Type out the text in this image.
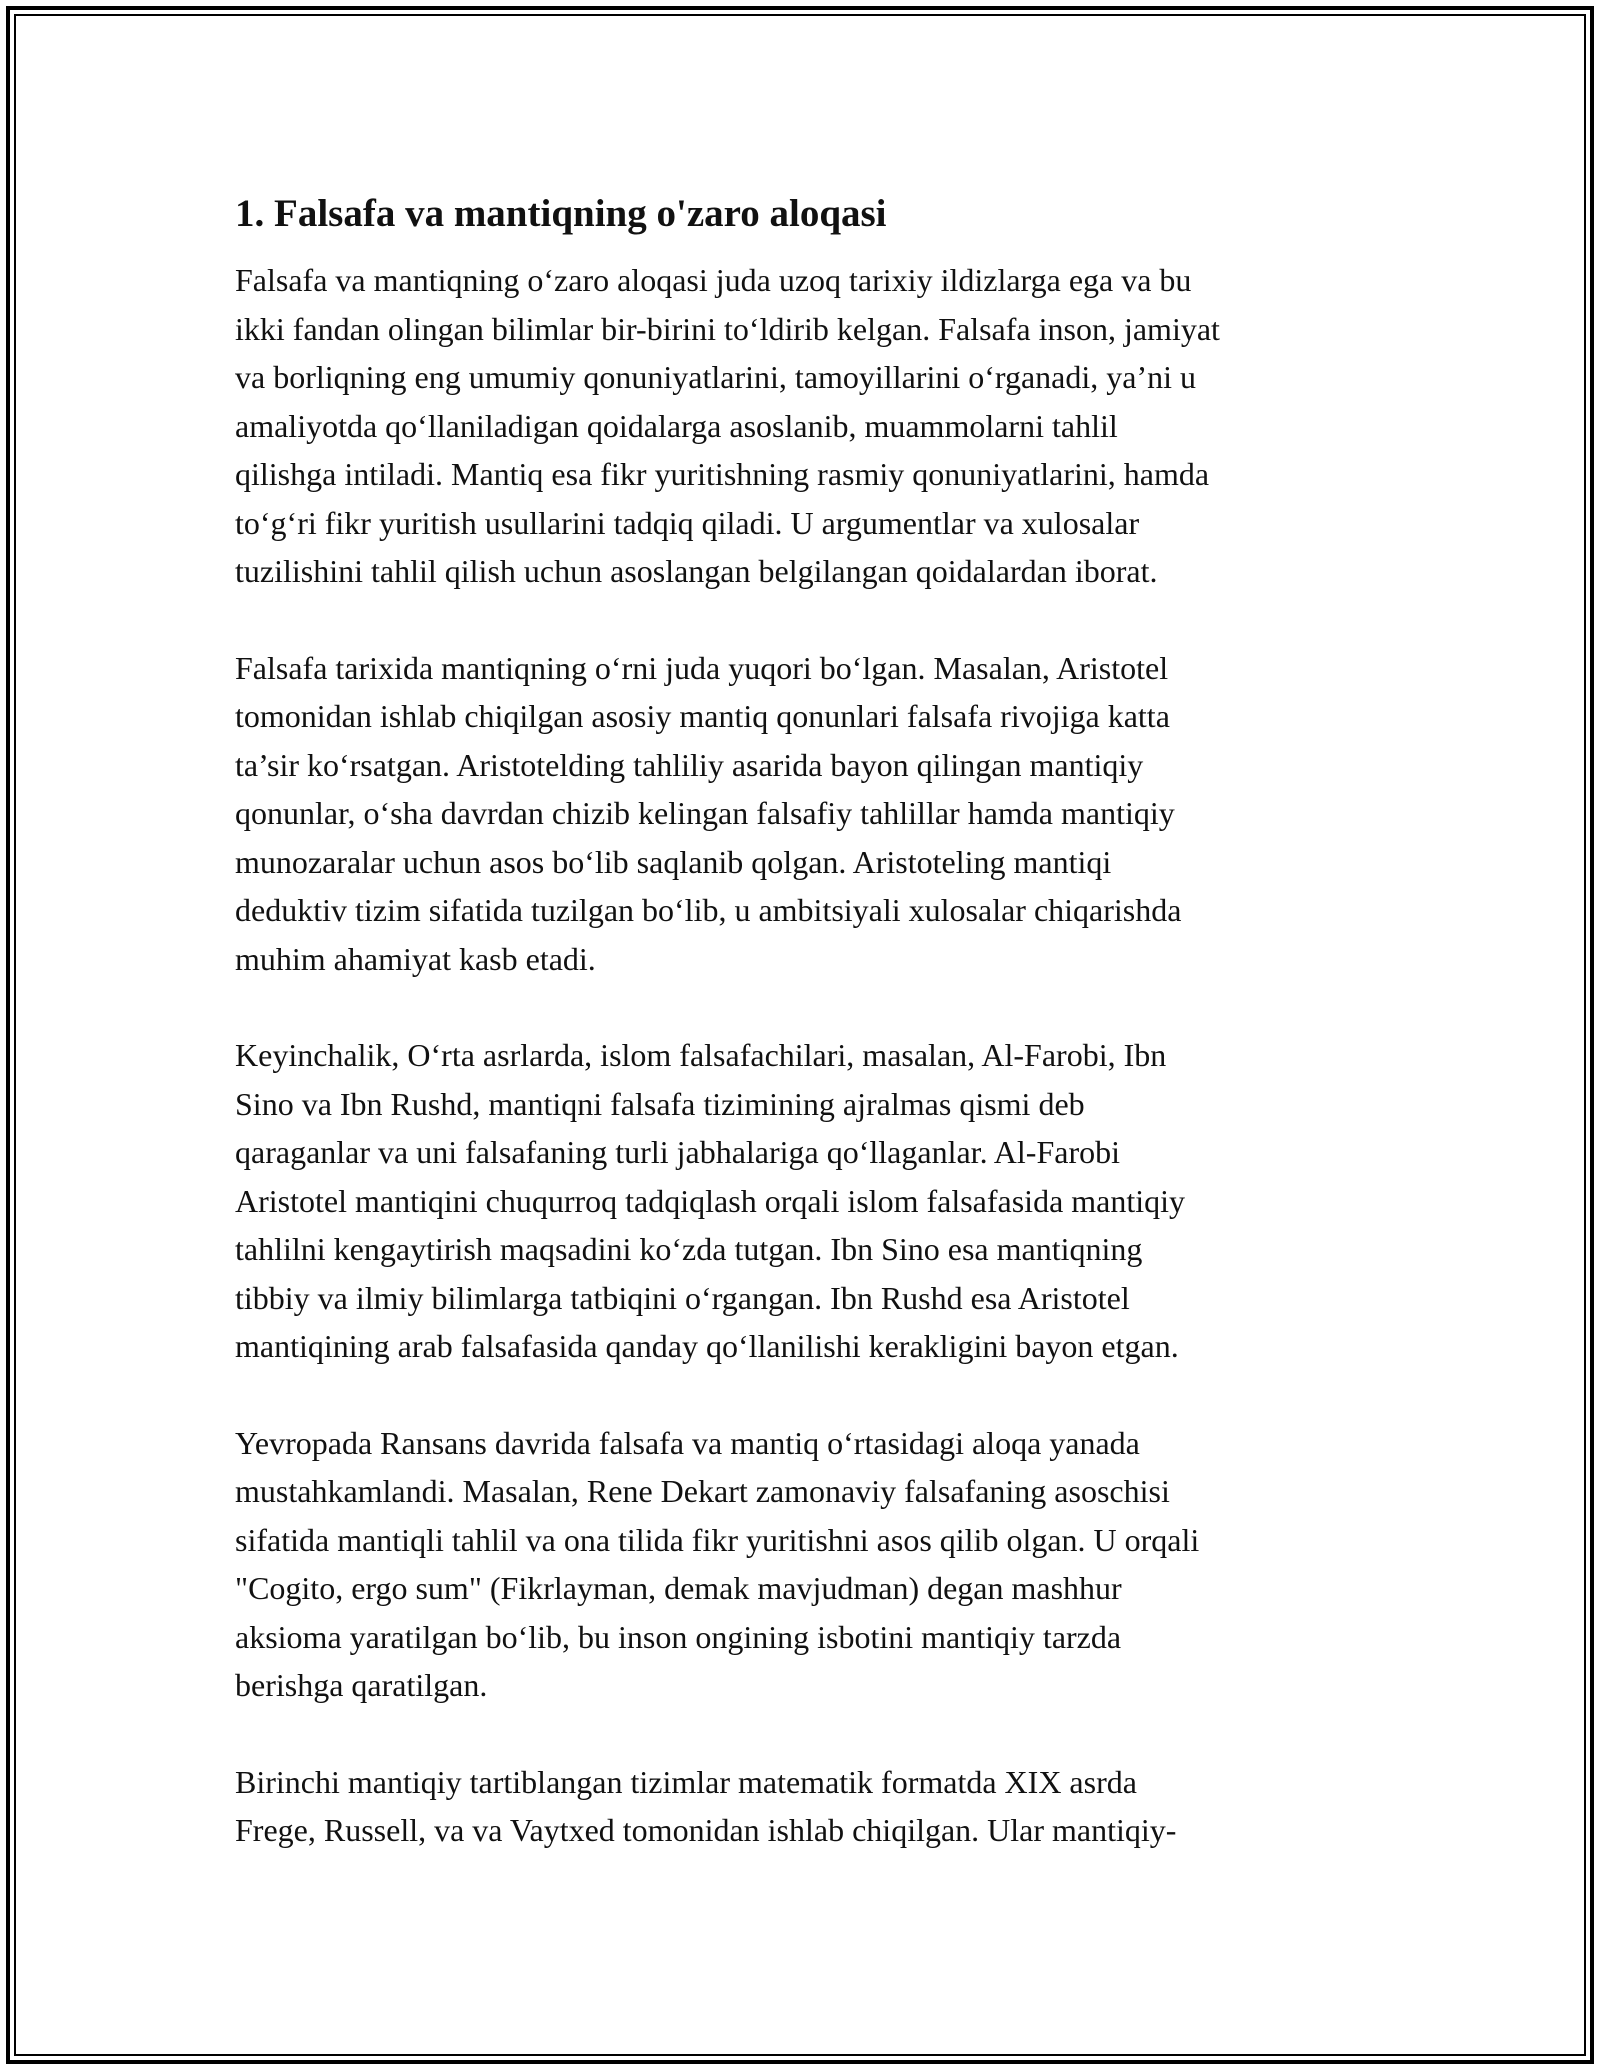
1. Falsafa va mantiqning o'zaro aloqasi

Falsafa va mantiqning o‘zaro aloqasi juda uzoq tarixiy ildizlarga ega va bu
ikki fandan olingan bilimlar bir-birini to‘ldirib kelgan. Falsafa inson, jamiyat
va borliqning eng umumiy qonuniyatlarini, tamoyillarini o‘rganadi, ya’ni u
amaliyotda qo‘llaniladigan qoidalarga asoslanib, muammolarni tahlil
qilishga intiladi. Mantiq esa fikr yuritishning rasmiy qonuniyatlarini, hamda
to‘g‘ri fikr yuritish usullarini tadqiq qiladi. U argumentlar va xulosalar
tuzilishini tahlil qilish uchun asoslangan belgilangan qoidalardan iborat.

Falsafa tarixida mantiqning o‘rni juda yuqori bo‘lgan. Masalan, Aristotel
tomonidan ishlab chiqilgan asosiy mantiq qonunlari falsafa rivojiga katta
ta’sir ko‘rsatgan. Aristotelding tahliliy asarida bayon qilingan mantiqiy
qonunlar, o‘sha davrdan chizib kelingan falsafiy tahlillar hamda mantiqiy
munozaralar uchun asos bo‘lib saqlanib qolgan. Aristoteling mantiqi
deduktiv tizim sifatida tuzilgan bo‘lib, u ambitsiyali xulosalar chiqarishda
muhim ahamiyat kasb etadi.

Keyinchalik, O‘rta asrlarda, islom falsafachilari, masalan, Al-Farobi, Ibn
Sino va Ibn Rushd, mantiqni falsafa tizimining ajralmas qismi deb
qaraganlar va uni falsafaning turli jabhalariga qo‘llaganlar. Al-Farobi
Aristotel mantiqini chuqurroq tadqiqlash orqali islom falsafasida mantiqiy
tahlilni kengaytirish maqsadini ko‘zda tutgan. Ibn Sino esa mantiqning
tibbiy va ilmiy bilimlarga tatbiqini o‘rgangan. Ibn Rushd esa Aristotel
mantiqining arab falsafasida qanday qo‘llanilishi kerakligini bayon etgan.

Yevropada Ransans davrida falsafa va mantiq o‘rtasidagi aloqa yanada
mustahkamlandi. Masalan, Rene Dekart zamonaviy falsafaning asoschisi
sifatida mantiqli tahlil va ona tilida fikr yuritishni asos qilib olgan. U orqali
"Cogito, ergo sum" (Fikrlayman, demak mavjudman) degan mashhur
aksioma yaratilgan bo‘lib, bu inson ongining isbotini mantiqiy tarzda
berishga qaratilgan.

Birinchi mantiqiy tartiblangan tizimlar matematik formatda XIX asrda
Frege, Russell, va va Vaytxed tomonidan ishlab chiqilgan. Ular mantiqiy-
